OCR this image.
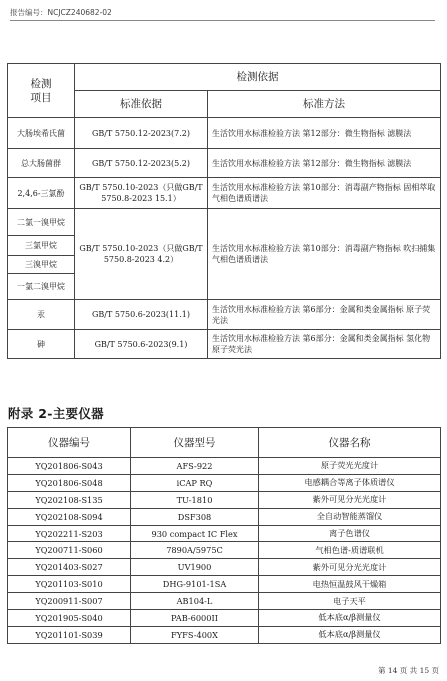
报告编号：NCJCZ240682-02
检测
项目	检测依据	
	标准依据	标准方法
大肠埃希氏菌	GB/T 5750.12-2023(7.2)	生活饮用水标准检验方法 第12部分：微生物指标 滤膜法
总大肠菌群	GB/T 5750.12-2023(5.2)	生活饮用水标准检验方法 第12部分：微生物指标 滤膜法
2,4,6-三氯酚	GB/T 5750.10-2023（只做GB/T 5750.8-2023 15.1）	生活饮用水标准检验方法 第10部分：消毒副产物指标 固相萃取气相色谱质谱法
二氯一溴甲烷	GB/T 5750.10-2023（只做GB/T 5750.8-2023 4.2）	生活饮用水标准检验方法 第10部分：消毒副产物指标 吹扫捕集气相色谱质谱法
三氯甲烷		
三溴甲烷		
一氯二溴甲烷		
汞	GB/T 5750.6-2023(11.1)	生活饮用水标准检验方法 第6部分：金属和类金属指标 原子荧光法
砷	GB/T 5750.6-2023(9.1)	生活饮用水标准检验方法 第6部分：金属和类金属指标 氢化物原子荧光法
附录 2-主要仪器
仪器编号	仪器型号	仪器名称
YQ201806-S043	AFS-922	原子荧光光度计
YQ201806-S048	iCAP RQ	电感耦合等离子体质谱仪
YQ202108-S135	TU-1810	紫外可见分光光度计
YQ202108-S094	DSF308	全自动智能蒸馏仪
YQ202211-S203	930 compact IC Flex	离子色谱仪
YQ200711-S060	7890A/5975C	气相色谱-质谱联机
YQ201403-S027	UV1900	紫外可见分光光度计
YQ201103-S010	DHG-9101-1SA	电热恒温鼓风干燥箱
YQ200911-S007	AB104-L	电子天平
YQ201905-S040	PAB-6000II	低本底α/β测量仪
YQ201101-S039	FYFS-400X	低本底α/β测量仪
第 14 页 共 15 页
